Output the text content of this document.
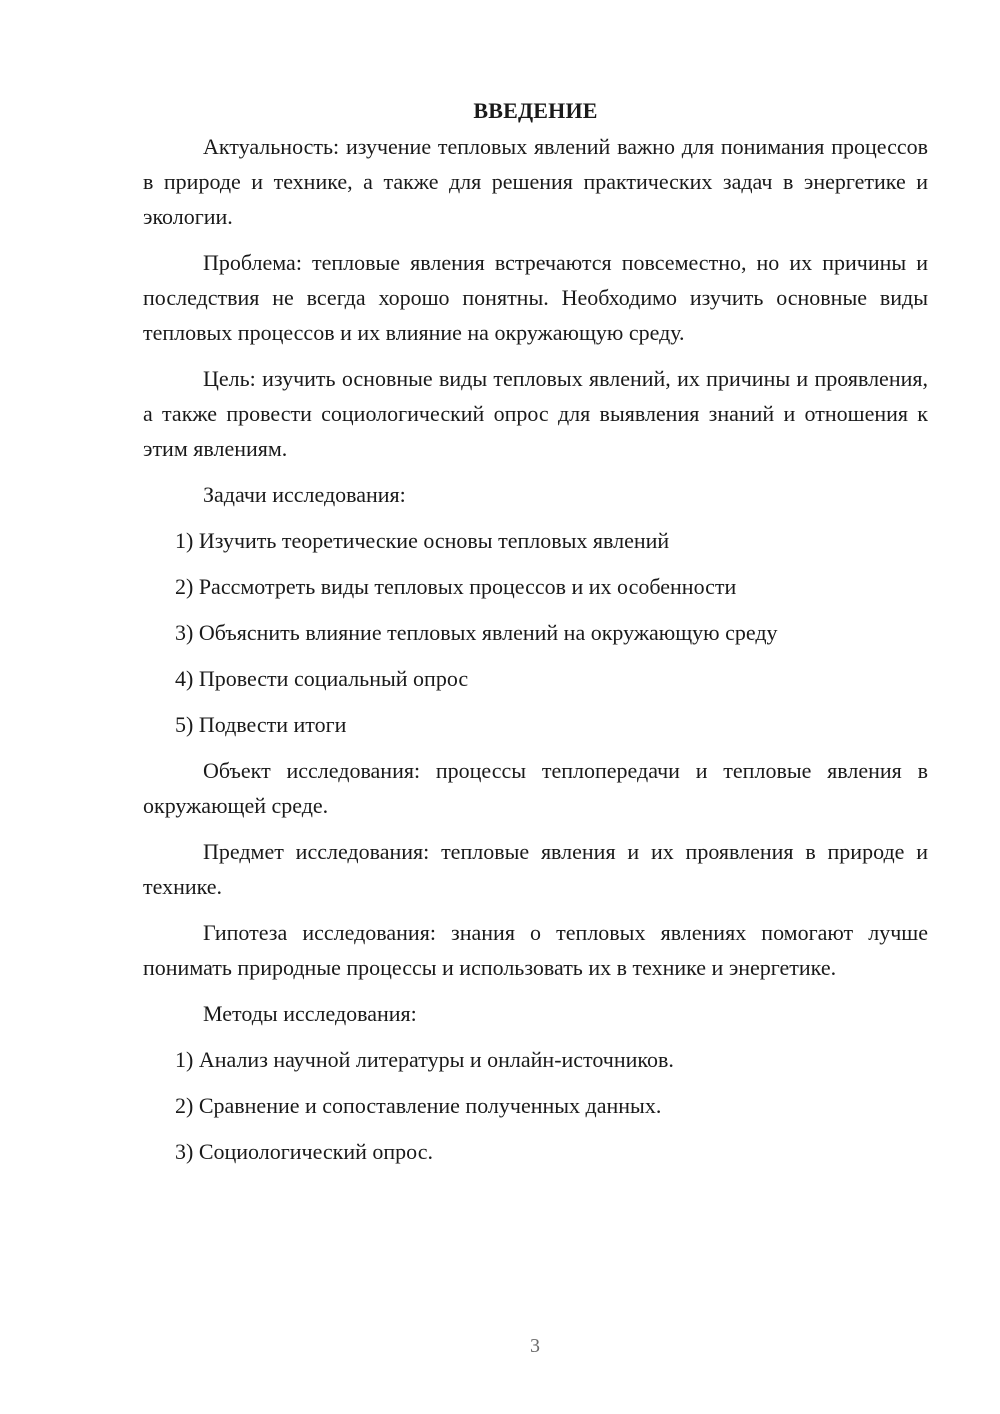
ВВЕДЕНИЕ

Актуальность: изучение тепловых явлений важно для понимания процессов в природе и технике, а также для решения практических задач в энергетике и экологии.

Проблема: тепловые явления встречаются повсеместно, но их причины и последствия не всегда хорошо понятны. Необходимо изучить основные виды тепловых процессов и их влияние на окружающую среду.

Цель: изучить основные виды тепловых явлений, их причины и проявления, а также провести социологический опрос для выявления знаний и отношения к этим явлениям.

Задачи исследования:

1) Изучить теоретические основы тепловых явлений
2) Рассмотреть виды тепловых процессов и их особенности
3) Объяснить влияние тепловых явлений на окружающую среду
4) Провести социальный опрос
5) Подвести итоги

Объект исследования: процессы теплопередачи и тепловые явления в окружающей среде.

Предмет исследования: тепловые явления и их проявления в природе и технике.

Гипотеза исследования: знания о тепловых явлениях помогают лучше понимать природные процессы и использовать их в технике и энергетике.

Методы исследования:

1) Анализ научной литературы и онлайн-источников.
2) Сравнение и сопоставление полученных данных.
3) Социологический опрос.
3
